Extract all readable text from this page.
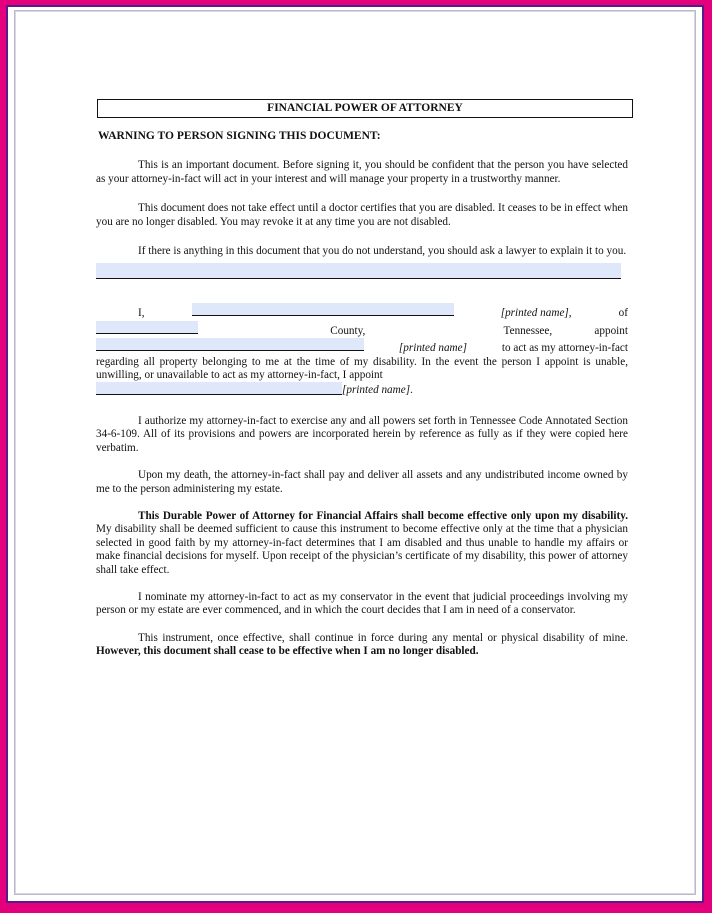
FINANCIAL POWER OF ATTORNEY
WARNING TO PERSON SIGNING THIS DOCUMENT:

This is an important document. Before signing it, you should be confident that the person you have selected as your attorney-in-fact will act in your interest and will manage your property in a trustworthy manner.

This document does not take effect until a doctor certifies that you are disabled. It ceases to be in effect when you are no longer disabled. You may revoke it at any time you are not disabled.

If there is anything in this document that you do not understand, you should ask a lawyer to explain it to you.

I,	[printed name],	of
County,	Tennessee,	appoint
[printed name]	to act as my attorney-in-fact

regarding all property belonging to me at the time of my disability. In the event the person I appoint is unable, unwilling, or unavailable to act as my attorney-in-fact, I appoint

[printed name].

I authorize my attorney-in-fact to exercise any and all powers set forth in Tennessee Code Annotated Section 34-6-109. All of its provisions and powers are incorporated herein by reference as fully as if they were copied here verbatim.

Upon my death, the attorney-in-fact shall pay and deliver all assets and any undistributed income owned by me to the person administering my estate.

This Durable Power of Attorney for Financial Affairs shall become effective only upon my disability. My disability shall be deemed sufficient to cause this instrument to become effective only at the time that a physician selected in good faith by my attorney-in-fact determines that I am disabled and thus unable to handle my affairs or make financial decisions for myself. Upon receipt of the physician’s certificate of my disability, this power of attorney shall take effect.

I nominate my attorney-in-fact to act as my conservator in the event that judicial proceedings involving my person or my estate are ever commenced, and in which the court decides that I am in need of a conservator.

This instrument, once effective, shall continue in force during any mental or physical disability of mine. However, this document shall cease to be effective when I am no longer disabled.
